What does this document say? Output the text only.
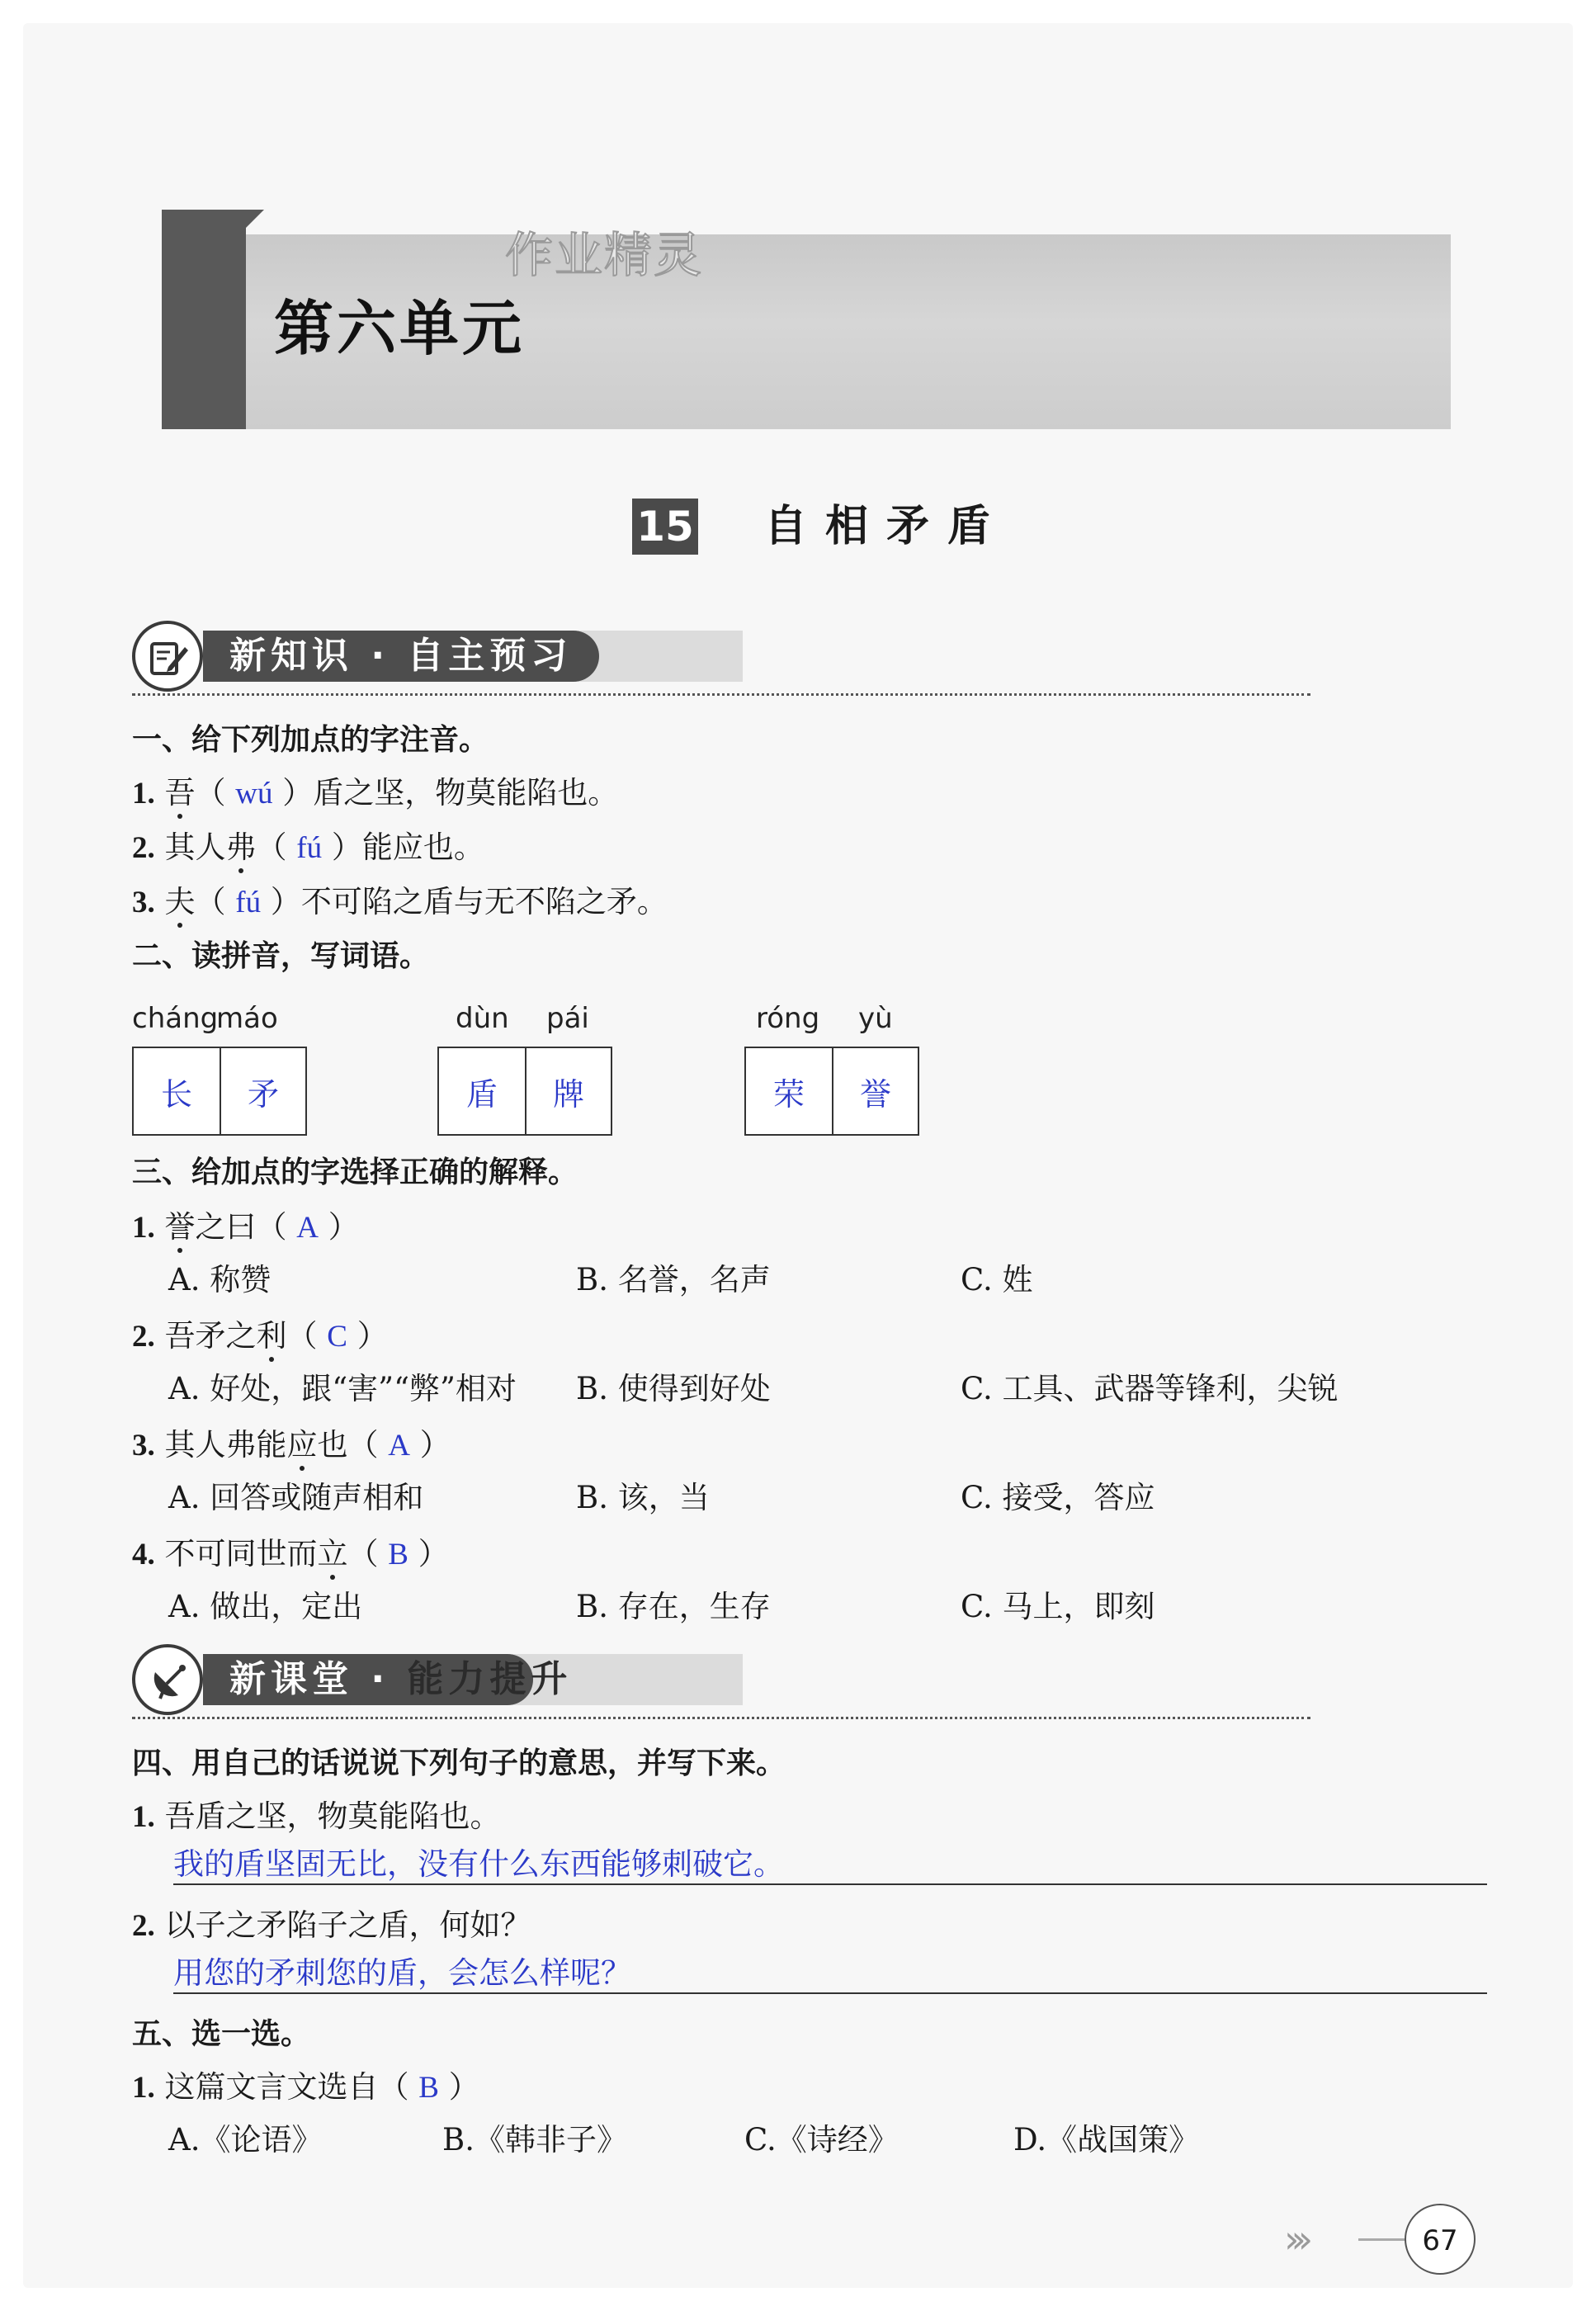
第六单元
作业精灵
15 自相矛盾
新知识 · 自主预习
一、给下列加点的字注音。
1. 吾（ wú ）盾之坚，物莫能陷也。
2. 其人弗（ fú ）能应也。
3. 夫（ fú ）不可陷之盾与无不陷之矛。
二、读拼音，写词语。
cháng
máo
长	矛
dùn pái
盾	牌
róng yù
荣	誉
三、给加点的字选择正确的解释。
1. 誉之曰（ A ）
A. 称赞	B. 名誉，名声	C. 姓
2. 吾矛之利（ C ）
A. 好处，跟“害”“弊”相对 B. 使得到好处	C. 工具、武器等锋利，尖锐
3. 其人弗能应也（ A ）
A. 回答或随声相和	B. 该，当	C. 接受，答应
4. 不可同世而立（ B ）
A. 做出，定出	B. 存在，生存	C. 马上，即刻
新课堂 · 能力提升
四、用自己的话说说下列句子的意思，并写下来。
1. 吾盾之坚，物莫能陷也。
我的盾坚固无比，没有什么东西能够刺破它。
2. 以子之矛陷子之盾，何如？
用您的矛刺您的盾，会怎么样呢？
五、选一选。
1. 这篇文言文选自（ B ）
A.《论语》	B.《韩非子》	C.《诗经》	D.《战国策》
›››	67
